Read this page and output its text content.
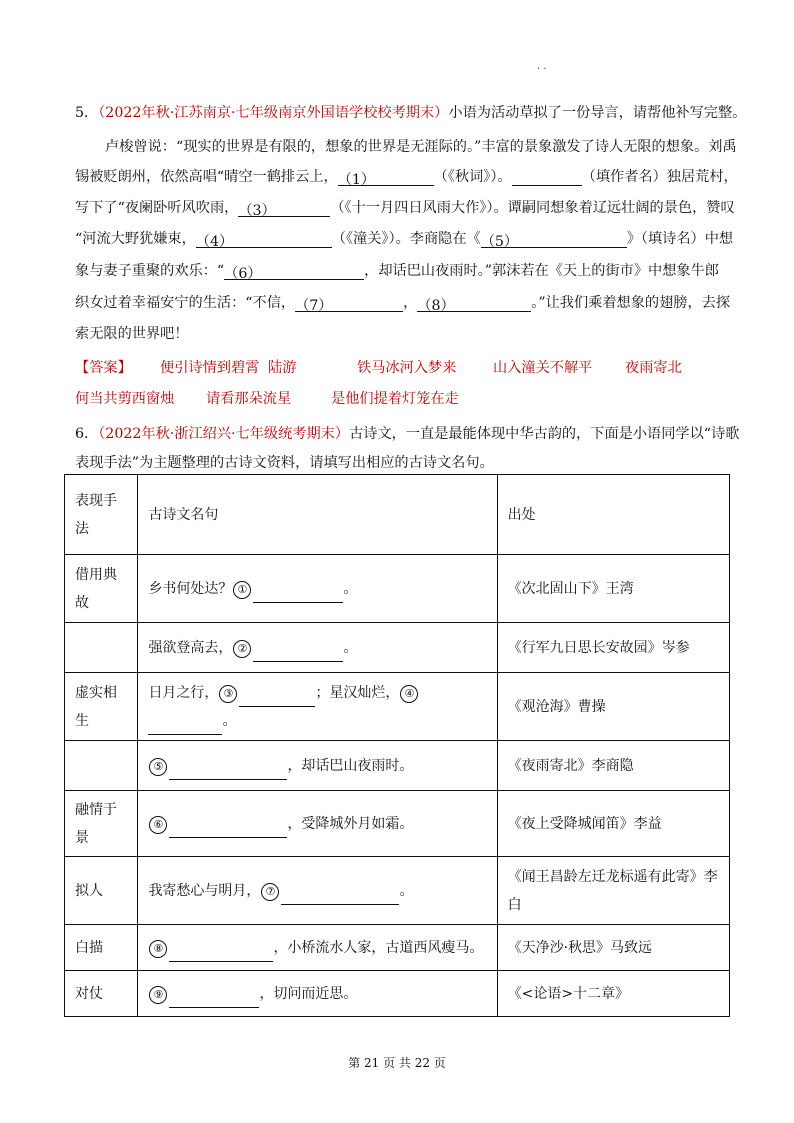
. .
5．（2022年秋·江苏南京·七年级南京外国语学校校考期末）小语为活动草拟了一份导言，请帮他补写完整。
卢梭曾说：“现实的世界是有限的，想象的世界是无涯际的。”丰富的景象激发了诗人无限的想象。刘禹
锡被贬朗州，依然高唱“晴空一鹤排云上，（1）	（《秋词》）。	（填作者名）独居荒村，
写下了“夜阑卧听风吹雨，（3）	（《十一月四日风雨大作》）。谭嗣同想象着辽远壮阔的景色，赞叹
“河流大野犹嫌束，（4）	（《潼关》）。李商隐在《（5）	》（填诗名）中想
象与妻子重聚的欢乐：“（6）	，却话巴山夜雨时。”郭沫若在《天上的街市》中想象牛郎
织女过着幸福安宁的生活：“不信，（7）	，（8）	。”让我们乘着想象的翅膀，去探
索无限的世界吧！
【答案】 便引诗情到碧霄 陆游	铁马冰河入梦来	山入潼关不解平 夜雨寄北
何当共剪西窗烛 请看那朵流星	是他们提着灯笼在走
6．（2022年秋·浙江绍兴·七年级统考期末）古诗文，一直是最能体现中华古韵的，下面是小语同学以“诗歌
表现手法”为主题整理的古诗文资料，请填写出相应的古诗文名句。
表现手法	古诗文名句	出处
借用典故	乡书何处达？ ① 。	《次北固山下》王湾
	强欲登高去， ② 。	《行军九日思长安故园》岑参
虚实相生	日月之行， ③ ；星汉灿烂， ④。	《观沧海》曹操
	⑤ ，却话巴山夜雨时。	《夜雨寄北》李商隐
融情于景	⑥ ，受降城外月如霜。	《夜上受降城闻笛》李益
拟人	我寄愁心与明月， ⑦ 。	《闻王昌龄左迁龙标遥有此寄》李白
白描	⑧ ，小桥流水人家，古道西风瘦马。	《天净沙·秋思》马致远
对仗	⑨ ，切问而近思。	《<论语>十二章》
第 21 页 共 22 页
